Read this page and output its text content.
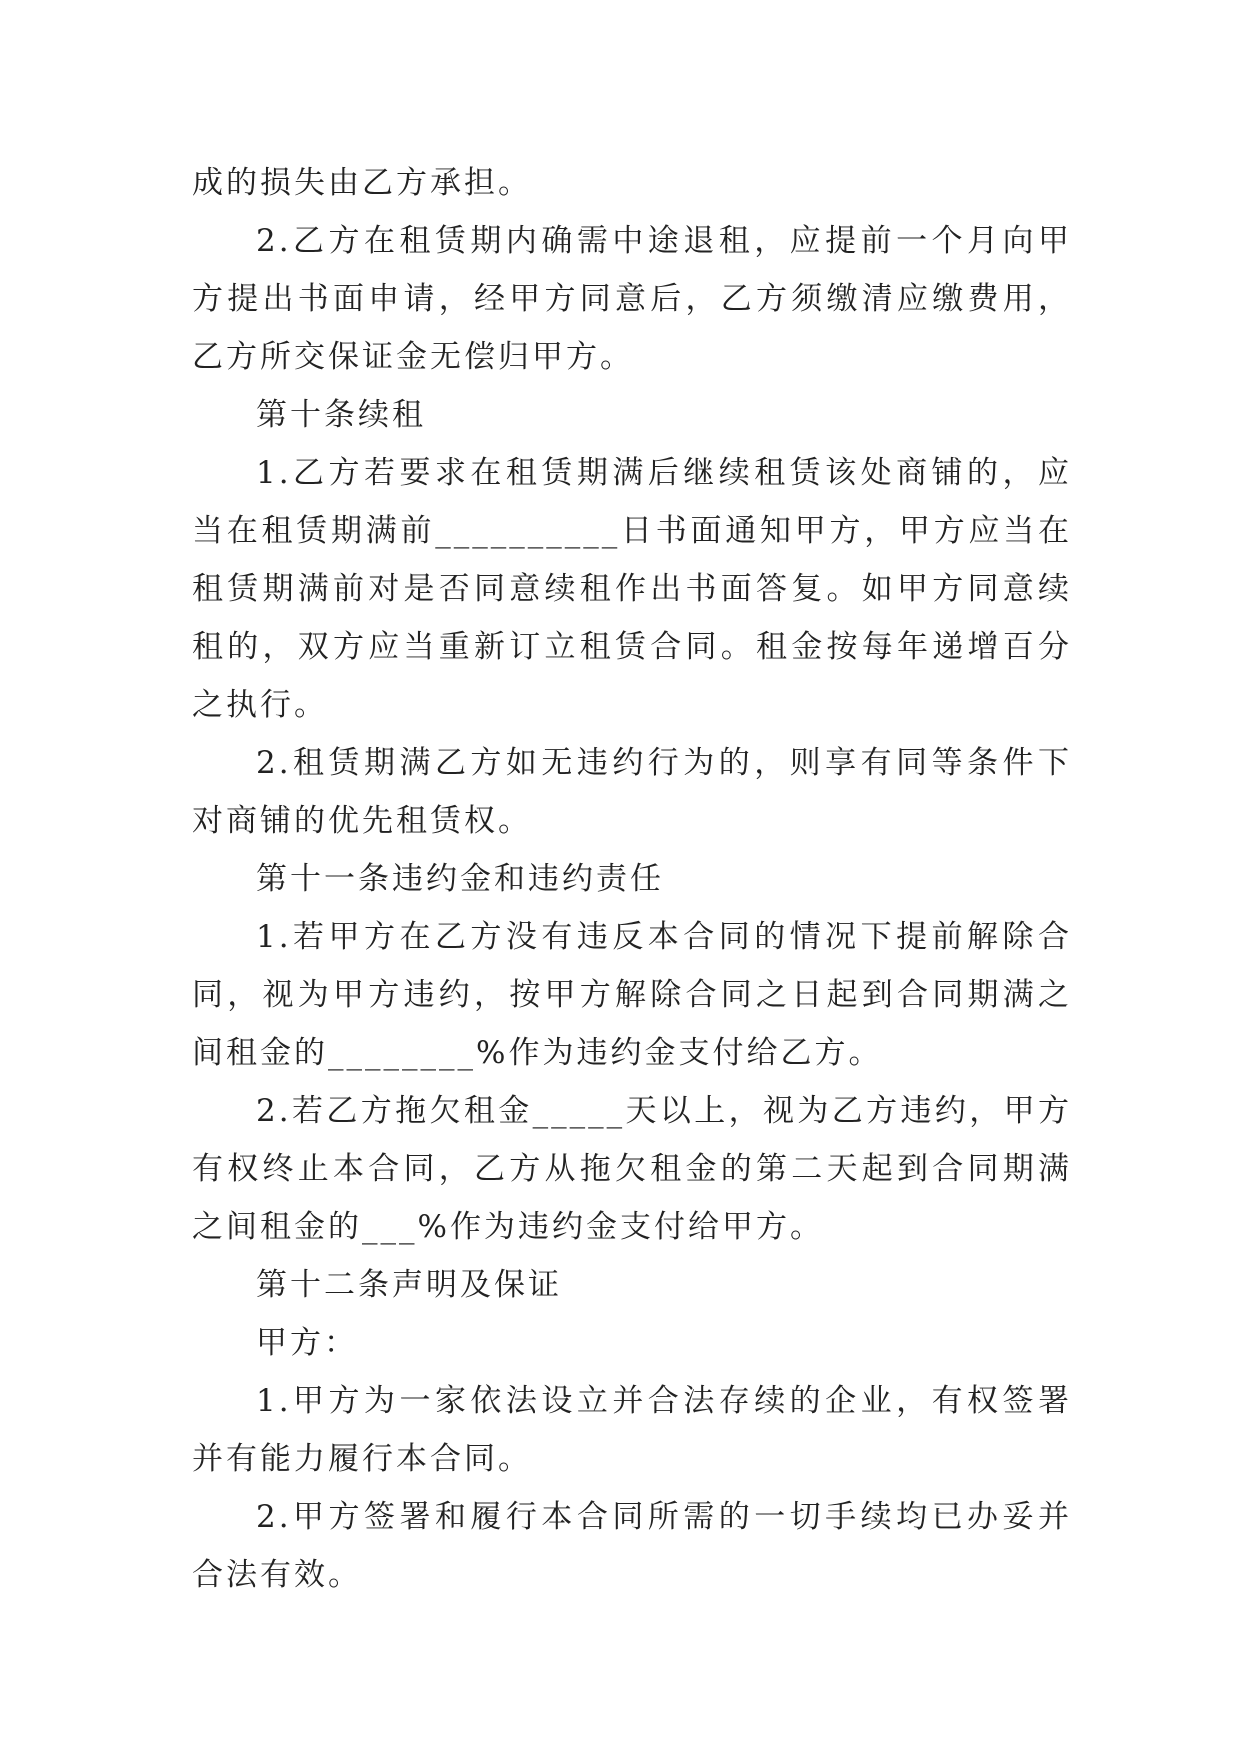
成的损失由乙方承担。

2.乙方在租赁期内确需中途退租，应提前一个月向甲方提出书面申请，经甲方同意后，乙方须缴清应缴费用，乙方所交保证金无偿归甲方。

第十条续租

1.乙方若要求在租赁期满后继续租赁该处商铺的，应当在租赁期满前__________日书面通知甲方，甲方应当在租赁期满前对是否同意续租作出书面答复。如甲方同意续租的，双方应当重新订立租赁合同。租金按每年递增百分之执行。

2.租赁期满乙方如无违约行为的，则享有同等条件下对商铺的优先租赁权。

第十一条违约金和违约责任

1.若甲方在乙方没有违反本合同的情况下提前解除合同，视为甲方违约，按甲方解除合同之日起到合同期满之间租金的________%作为违约金支付给乙方。

2.若乙方拖欠租金_____天以上，视为乙方违约，甲方有权终止本合同，乙方从拖欠租金的第二天起到合同期满之间租金的___%作为违约金支付给甲方。

第十二条声明及保证

甲方：

1.甲方为一家依法设立并合法存续的企业，有权签署并有能力履行本合同。

2.甲方签署和履行本合同所需的一切手续均已办妥并合法有效。
